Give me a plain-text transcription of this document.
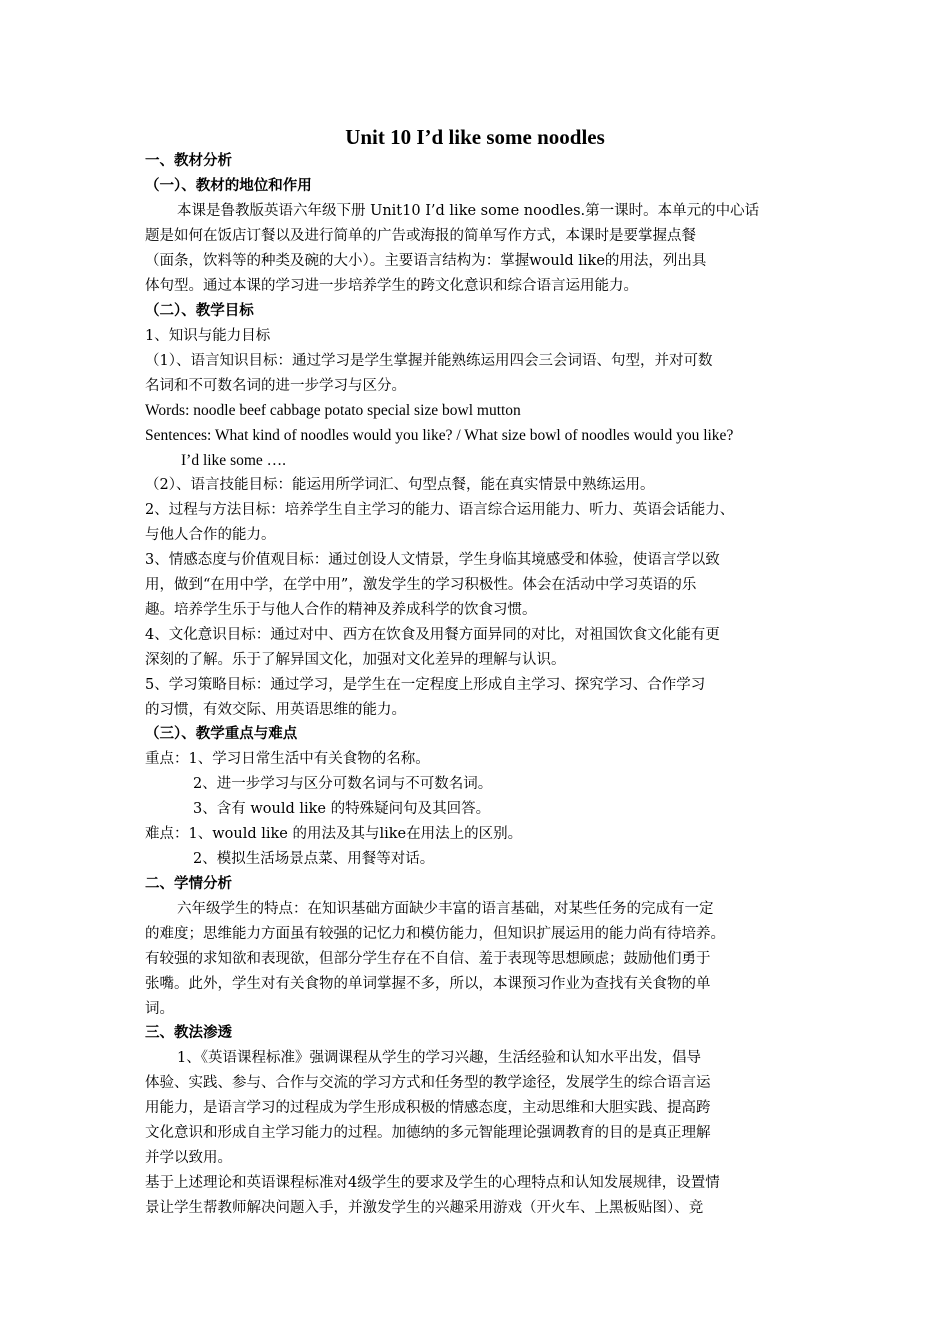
Unit 10 I’d like some noodles
一、教材分析
（一）、教材的地位和作用
本课是鲁教版英语六年级下册 Unit10 I’d like some noodles.第一课时。本单元的中心话
题是如何在饭店订餐以及进行简单的广告或海报的简单写作方式，本课时是要掌握点餐
（面条，饮料等的种类及碗的大小）。主要语言结构为：掌握would like的用法，列出具
体句型。通过本课的学习进一步培养学生的跨文化意识和综合语言运用能力。
（二）、教学目标
1、知识与能力目标
（1）、语言知识目标：通过学习是学生掌握并能熟练运用四会三会词语、句型，并对可数
名词和不可数名词的进一步学习与区分。
Words: noodle beef cabbage potato special size bowl mutton
Sentences: What kind of noodles would you like? / What size bowl of noodles would you like?
I’d like some ….
（2）、语言技能目标：能运用所学词汇、句型点餐，能在真实情景中熟练运用。
2、过程与方法目标：培养学生自主学习的能力、语言综合运用能力、听力、英语会话能力、
与他人合作的能力。
3、情感态度与价值观目标：通过创设人文情景，学生身临其境感受和体验，使语言学以致
用，做到“在用中学，在学中用”，激发学生的学习积极性。体会在活动中学习英语的乐
趣。培养学生乐于与他人合作的精神及养成科学的饮食习惯。
4、文化意识目标：通过对中、西方在饮食及用餐方面异同的对比，对祖国饮食文化能有更
深刻的了解。乐于了解异国文化，加强对文化差异的理解与认识。
5、学习策略目标：通过学习，是学生在一定程度上形成自主学习、探究学习、合作学习
的习惯，有效交际、用英语思维的能力。
（三）、教学重点与难点
重点：1、学习日常生活中有关食物的名称。
2、进一步学习与区分可数名词与不可数名词。
3、含有 would like 的特殊疑问句及其回答。
难点：1、would like 的用法及其与like在用法上的区别。
2、模拟生活场景点菜、用餐等对话。
二、学情分析
六年级学生的特点：在知识基础方面缺少丰富的语言基础，对某些任务的完成有一定
的难度；思维能力方面虽有较强的记忆力和模仿能力，但知识扩展运用的能力尚有待培养。
有较强的求知欲和表现欲，但部分学生存在不自信、羞于表现等思想顾虑；鼓励他们勇于
张嘴。此外，学生对有关食物的单词掌握不多，所以，本课预习作业为查找有关食物的单
词。
三、教法渗透
1、《英语课程标准》强调课程从学生的学习兴趣，生活经验和认知水平出发，倡导
体验、实践、参与、合作与交流的学习方式和任务型的教学途径，发展学生的综合语言运
用能力，是语言学习的过程成为学生形成积极的情感态度，主动思维和大胆实践、提高跨
文化意识和形成自主学习能力的过程。加德纳的多元智能理论强调教育的目的是真正理解
并学以致用。
基于上述理论和英语课程标准对4级学生的要求及学生的心理特点和认知发展规律，设置情
景让学生帮教师解决问题入手，并激发学生的兴趣采用游戏（开火车、上黑板贴图）、竞
